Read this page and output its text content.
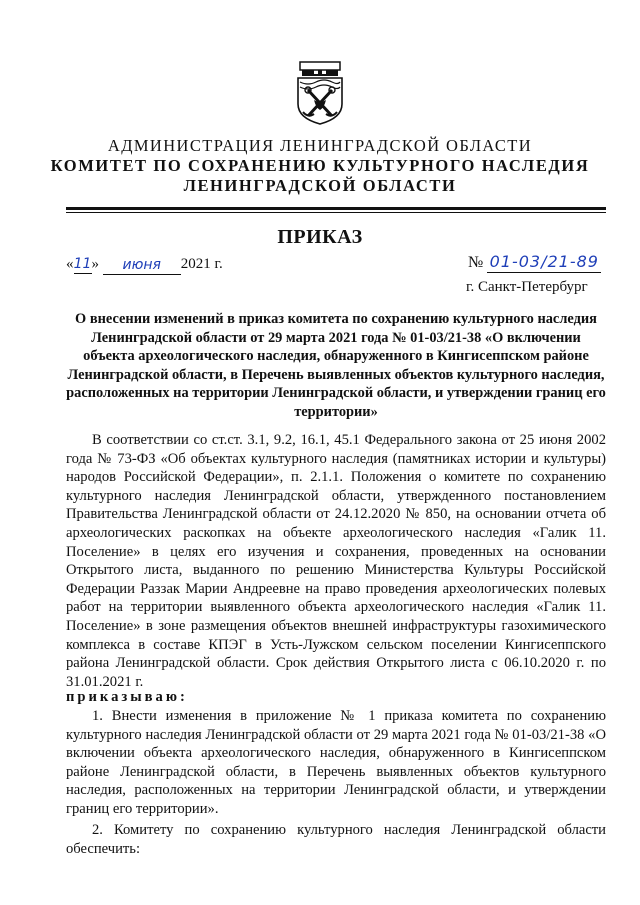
АДМИНИСТРАЦИЯ ЛЕНИНГРАДСКОЙ ОБЛАСТИ
КОМИТЕТ ПО СОХРАНЕНИЮ КУЛЬТУРНОГО НАСЛЕДИЯ
ЛЕНИНГРАДСКОЙ ОБЛАСТИ
ПРИКАЗ
«11» июня 2021 г.	№ 01-03/21-89
г. Санкт-Петербург
О внесении изменений в приказ комитета по сохранению культурного наследия Ленинградской области от 29 марта 2021 года № 01-03/21-38 «О включении объекта археологического наследия, обнаруженного в Кингисеппском районе Ленинградской области, в Перечень выявленных объектов культурного наследия, расположенных на территории Ленинградской области, и утверждении границ его территории»

В соответствии со ст.ст. 3.1, 9.2, 16.1, 45.1 Федерального закона от 25 июня 2002 года № 73-ФЗ «Об объектах культурного наследия (памятниках истории и культуры) народов Российской Федерации», п. 2.1.1. Положения о комитете по сохранению культурного наследия Ленинградской области, утвержденного постановлением Правительства Ленинградской области от 24.12.2020 № 850, на основании отчета об археологических раскопках на объекте археологического наследия «Галик 11. Поселение» в целях его изучения и сохранения, проведенных на основании Открытого листа, выданного по решению Министерства Культуры Российской Федерации Раззак Марии Андреевне на право проведения археологических полевых работ на территории выявленного объекта археологического наследия «Галик 11. Поселение» в зоне размещения объектов внешней инфраструктуры газохимического комплекса в составе КПЭГ в Усть-Лужском сельском поселении Кингисеппского района Ленинградской области. Срок действия Открытого листа с 06.10.2020 г. по 31.01.2021 г.

приказываю:

1. Внести изменения в приложение № 1 приказа комитета по сохранению культурного наследия Ленинградской области от 29 марта 2021 года № 01-03/21-38 «О включении объекта археологического наследия, обнаруженного в Кингисеппском районе Ленинградской области, в Перечень выявленных объектов культурного наследия, расположенных на территории Ленинградской области, и утверждении границ его территории».

2. Комитету по сохранению культурного наследия Ленинградской области обеспечить:
